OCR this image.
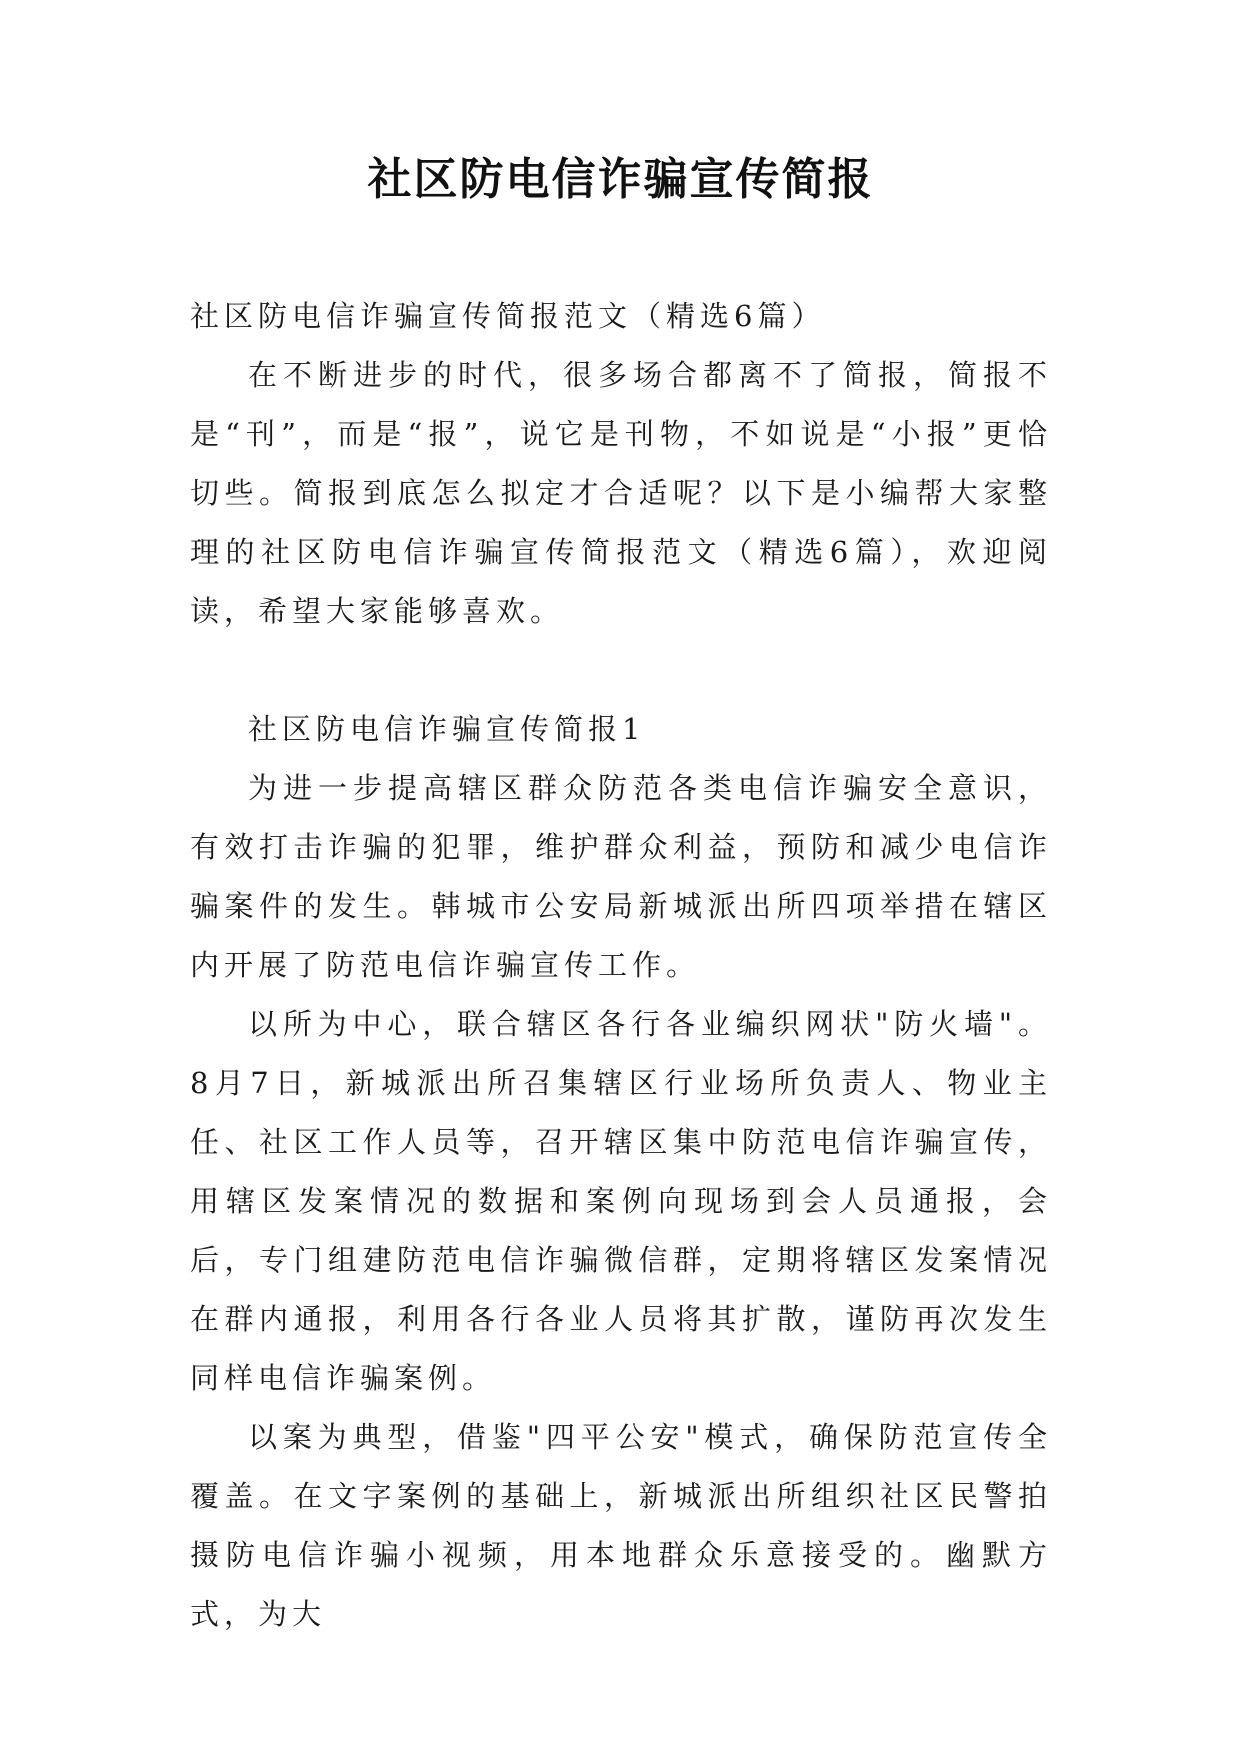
社区防电信诈骗宣传简报

社区防电信诈骗宣传简报范文（精选6篇）

在不断进步的时代，很多场合都离不了简报，简报不是“刊”，而是“报”，说它是刊物，不如说是“小报”更恰切些。简报到底怎么拟定才合适呢？以下是小编帮大家整理的社区防电信诈骗宣传简报范文（精选6篇），欢迎阅读，希望大家能够喜欢。

社区防电信诈骗宣传简报1

为进一步提高辖区群众防范各类电信诈骗安全意识，有效打击诈骗的犯罪，维护群众利益，预防和减少电信诈骗案件的发生。韩城市公安局新城派出所四项举措在辖区内开展了防范电信诈骗宣传工作。

以所为中心，联合辖区各行各业编织网状"防火墙"。8月7日，新城派出所召集辖区行业场所负责人、物业主任、社区工作人员等，召开辖区集中防范电信诈骗宣传，用辖区发案情况的数据和案例向现场到会人员通报，会后，专门组建防范电信诈骗微信群，定期将辖区发案情况在群内通报，利用各行各业人员将其扩散，谨防再次发生同样电信诈骗案例。

以案为典型，借鉴"四平公安"模式，确保防范宣传全覆盖。在文字案例的基础上，新城派出所组织社区民警拍摄防电信诈骗小视频，用本地群众乐意接受的。幽默方式，为大
